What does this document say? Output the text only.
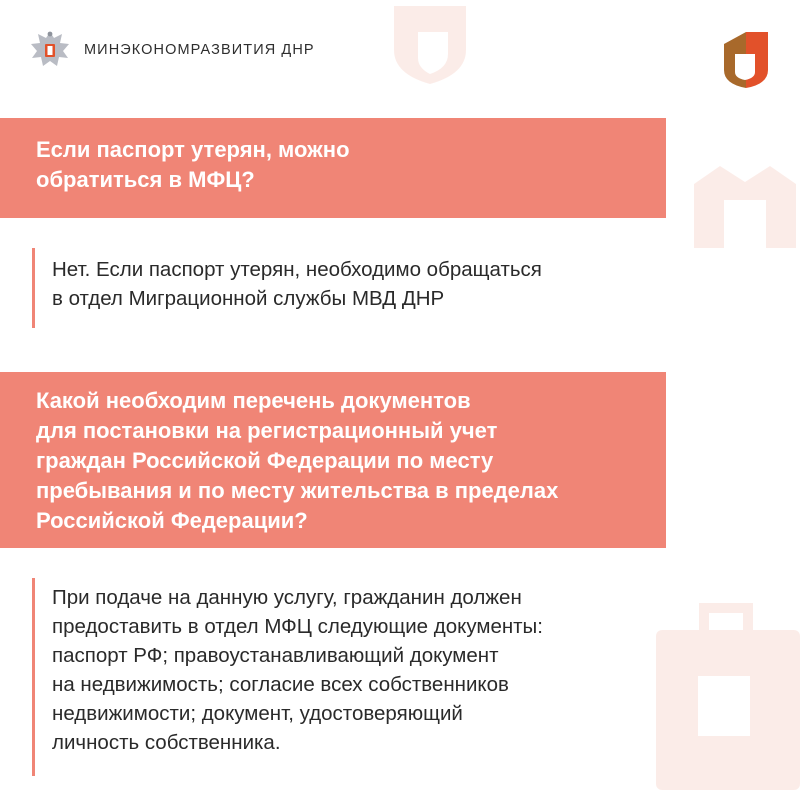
МИНЭКОНОМРАЗВИТИЯ ДНР
Если паспорт утерян, можно
обратиться в МФЦ?
Нет. Если паспорт утерян, необходимо обращаться
в отдел Миграционной службы МВД ДНР
Какой необходим перечень документов
для постановки на регистрационный учет
граждан Российской Федерации по месту
пребывания и по месту жительства в пределах
Российской Федерации?
При подаче на данную услугу, гражданин должен
предоставить в отдел МФЦ следующие документы:
паспорт РФ; правоустанавливающий документ
на недвижимость; согласие всех собственников
недвижимости; документ, удостоверяющий
личность собственника.
